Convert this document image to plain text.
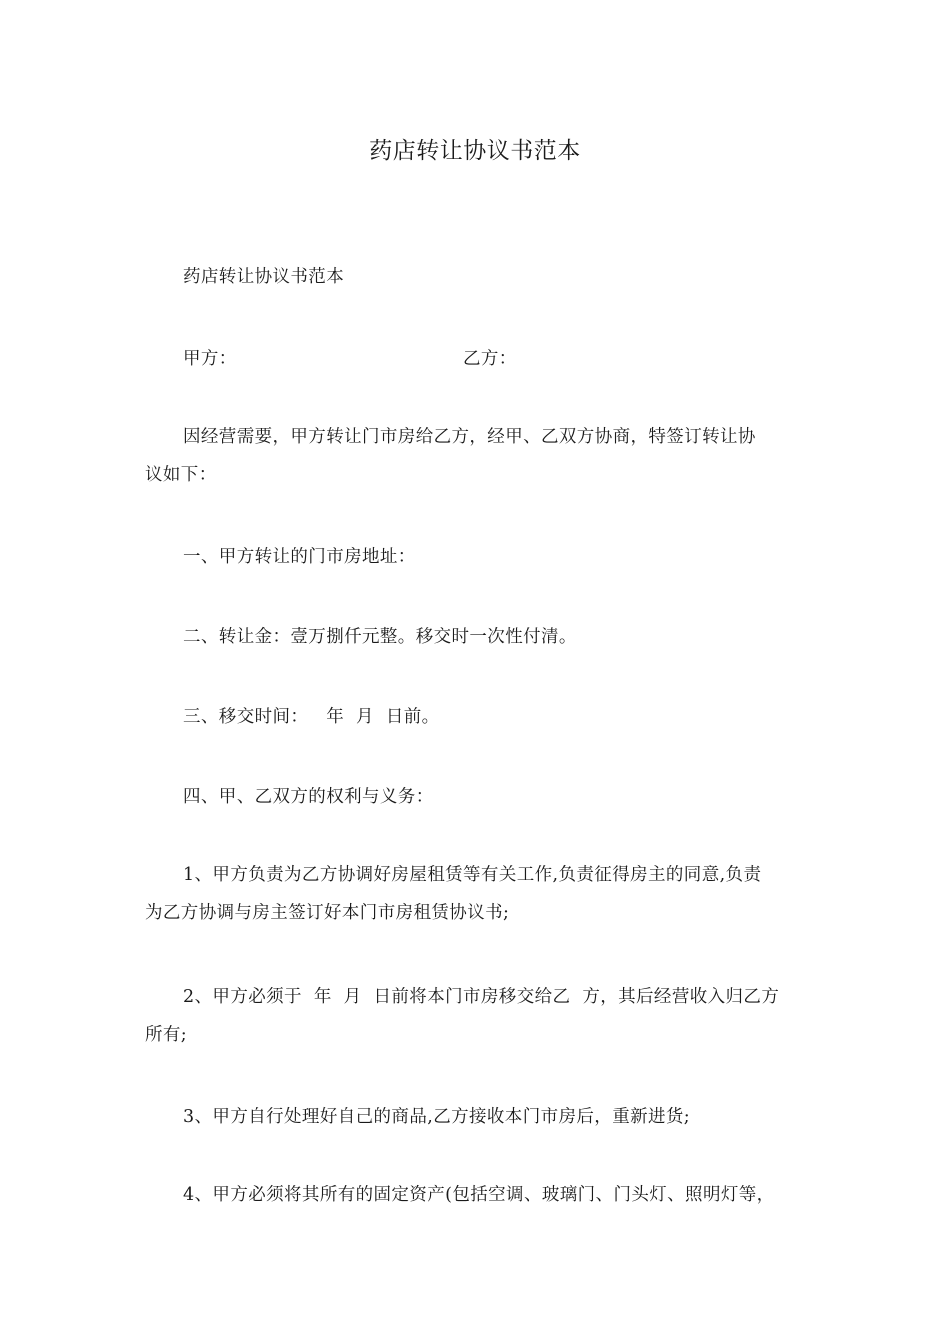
药店转让协议书范本
药店转让协议书范本
甲方：	乙方：
因经营需要，甲方转让门市房给乙方，经甲、乙双方协商，特签订转让协
议如下：
一、甲方转让的门市房地址：
二、转让金：壹万捌仟元整。移交时一次性付清。
三、移交时间：   年  月  日前。
四、甲、乙双方的权利与义务：
1、甲方负责为乙方协调好房屋租赁等有关工作,负责征得房主的同意,负责
为乙方协调与房主签订好本门市房租赁协议书;
2、甲方必须于  年  月  日前将本门市房移交给乙  方，其后经营收入归乙方
所有;
3、甲方自行处理好自己的商品,乙方接收本门市房后，重新进货;
4、甲方必须将其所有的固定资产(包括空调、玻璃门、门头灯、照明灯等，
